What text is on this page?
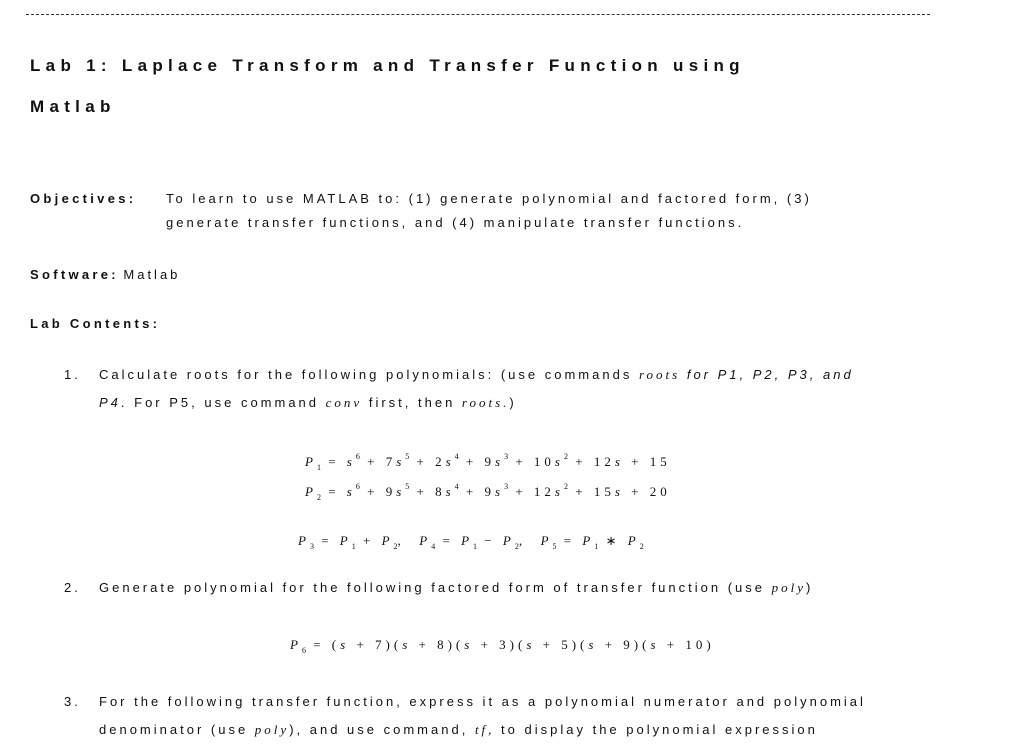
Lab 1: Laplace Transform and Transfer Function using
Matlab
Objectives: To learn to use MATLAB to: (1) generate polynomial and factored form, (3)
generate transfer functions, and (4) manipulate transfer functions.
Software: Matlab
Lab Contents:
1. Calculate roots for the following polynomials: (use commands roots for P1, P2, P3, and
P4. For P5, use command conv first, then roots.)
$P_1 = s^6 + 7s^5 + 2s^4 + 9s^3 + 10s^2 + 12s + 15$
$P_2 = s^6 + 9s^5 + 8s^4 + 9s^3 + 12s^2 + 15s + 20$
$P_3 = P_1 + P_2$,  $P_4 = P_1 - P_2$,  $P_5 = P_1$ ∗ $P_2$
2. Generate polynomial for the following factored form of transfer function (use poly)
$P_6 = (s + 7)(s + 8)(s + 3)(s + 5)(s + 9)(s + 10)$
3. For the following transfer function, express it as a polynomial numerator and polynomial
denominator (use poly), and use command, tf, to display the polynomial expression
